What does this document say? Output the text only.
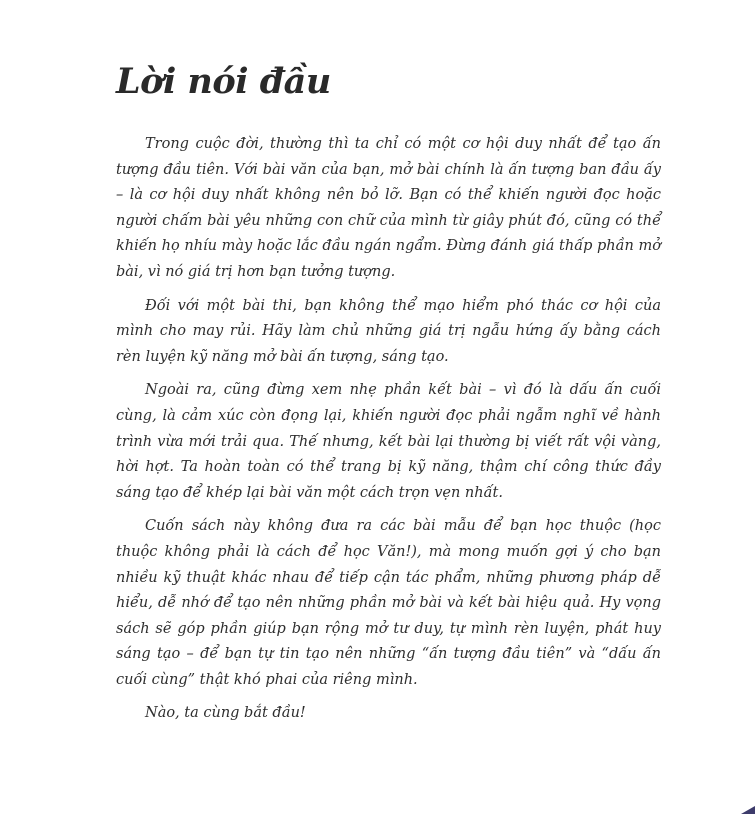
Lời nói đầu

Trong cuộc đời, thường thì ta chỉ có một cơ hội duy nhất để tạo ấn tượng đầu tiên. Với bài văn của bạn, mở bài chính là ấn tượng ban đầu ấy – là cơ hội duy nhất không nên bỏ lỡ. Bạn có thể khiến người đọc hoặc người chấm bài yêu những con chữ của mình từ giây phút đó, cũng có thể khiến họ nhíu mày hoặc lắc đầu ngán ngẩm. Đừng đánh giá thấp phần mở bài, vì nó giá trị hơn bạn tưởng tượng.

Đối với một bài thi, bạn không thể mạo hiểm phó thác cơ hội của mình cho may rủi. Hãy làm chủ những giá trị ngẫu hứng ấy bằng cách rèn luyện kỹ năng mở bài ấn tượng, sáng tạo.

Ngoài ra, cũng đừng xem nhẹ phần kết bài – vì đó là dấu ấn cuối cùng, là cảm xúc còn đọng lại, khiến người đọc phải ngẫm nghĩ về hành trình vừa mới trải qua. Thế nhưng, kết bài lại thường bị viết rất vội vàng, hời hợt. Ta hoàn toàn có thể trang bị kỹ năng, thậm chí công thức đầy sáng tạo để khép lại bài văn một cách trọn vẹn nhất.

Cuốn sách này không đưa ra các bài mẫu để bạn học thuộc (học thuộc không phải là cách để học Văn!), mà mong muốn gợi ý cho bạn nhiều kỹ thuật khác nhau để tiếp cận tác phẩm, những phương pháp dễ hiểu, dễ nhớ để tạo nên những phần mở bài và kết bài hiệu quả. Hy vọng sách sẽ góp phần giúp bạn rộng mở tư duy, tự mình rèn luyện, phát huy sáng tạo – để bạn tự tin tạo nên những “ấn tượng đầu tiên” và “dấu ấn cuối cùng” thật khó phai của riêng mình.

Nào, ta cùng bắt đầu!
